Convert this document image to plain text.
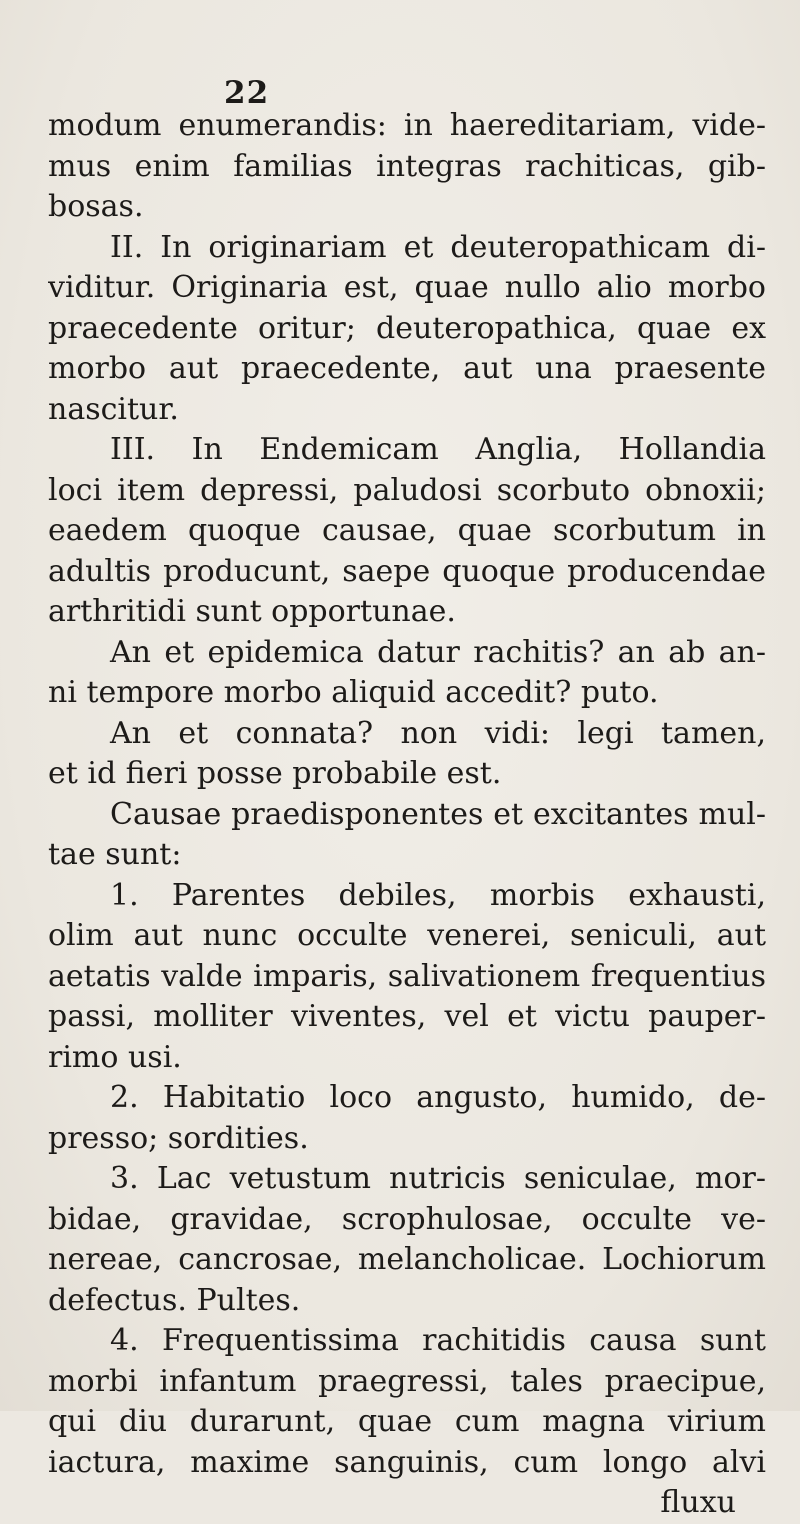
22
modum enumerandis: in haereditariam, vide-
mus enim familias integras rachiticas, gib-
bosas.
II. In originariam et deuteropathicam di-
viditur. Originaria est, quae nullo alio morbo
praecedente oritur; deuteropathica, quae ex
morbo aut praecedente, aut una praesente
nascitur.
III. In Endemicam Anglia, Hollandia
loci item depressi, paludosi scorbuto obnoxii;
eaedem quoque causae, quae scorbutum in
adultis producunt, saepe quoque producendae
arthritidi sunt opportunae.
An et epidemica datur rachitis? an ab an-
ni tempore morbo aliquid accedit? puto.
An et connata? non vidi: legi tamen,
et id fieri posse probabile est.
Causae praedisponentes et excitantes mul-
tae sunt:
1. Parentes debiles, morbis exhausti,
olim aut nunc occulte venerei, seniculi, aut
aetatis valde imparis, salivationem frequentius
passi, molliter viventes, vel et victu pauper-
rimo usi.
2. Habitatio loco angusto, humido, de-
presso; sordities.
3. Lac vetustum nutricis seniculae, mor-
bidae, gravidae, scrophulosae, occulte ve-
nereae, cancrosae, melancholicae. Lochiorum
defectus. Pultes.
4. Frequentissima rachitidis causa sunt
morbi infantum praegressi, tales praecipue,
qui diu durarunt, quae cum magna virium
iactura, maxime sanguinis, cum longo alvi
fluxu
